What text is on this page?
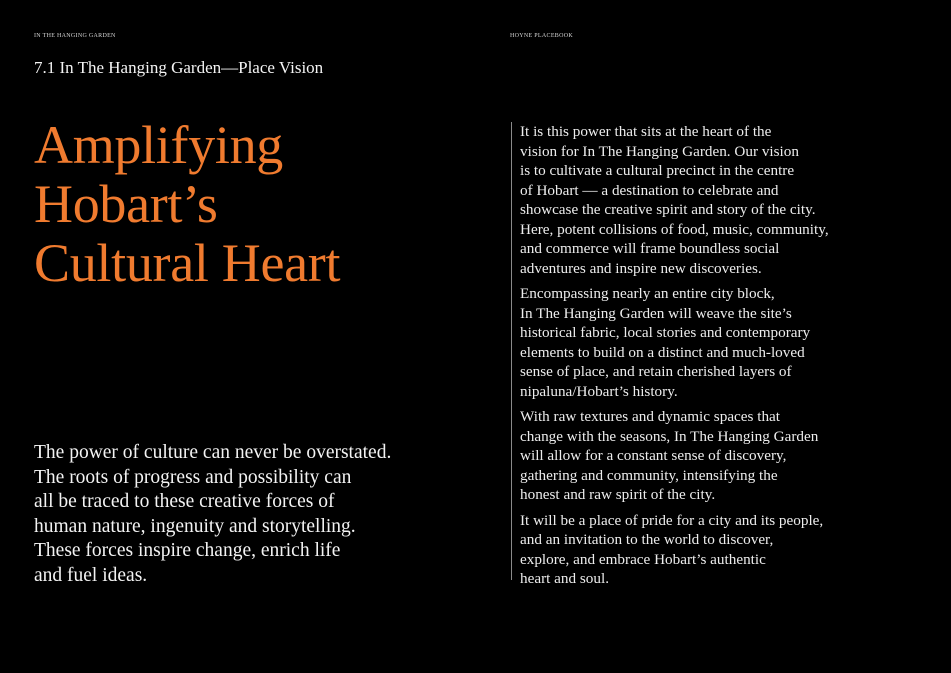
IN THE HANGING GARDEN	HOYNE PLACEBOOK
7.1 In The Hanging Garden—Place Vision
Amplifying
Hobart’s
Cultural Heart

The power of culture can never be overstated.
The roots of progress and possibility can
all be traced to these creative forces of
human nature, ingenuity and storytelling.
These forces inspire change, enrich life
and fuel ideas.

It is this power that sits at the heart of the
vision for In The Hanging Garden. Our vision
is to cultivate a cultural precinct in the centre
of Hobart — a destination to celebrate and
showcase the creative spirit and story of the city.
Here, potent collisions of food, music, community,
and commerce will frame boundless social
adventures and inspire new discoveries.

Encompassing nearly an entire city block,
In The Hanging Garden will weave the site’s
historical fabric, local stories and contemporary
elements to build on a distinct and much-loved
sense of place, and retain cherished layers of
nipaluna/Hobart’s history.

With raw textures and dynamic spaces that
change with the seasons, In The Hanging Garden
will allow for a constant sense of discovery,
gathering and community, intensifying the
honest and raw spirit of the city.

It will be a place of pride for a city and its people,
and an invitation to the world to discover,
explore, and embrace Hobart’s authentic
heart and soul.
